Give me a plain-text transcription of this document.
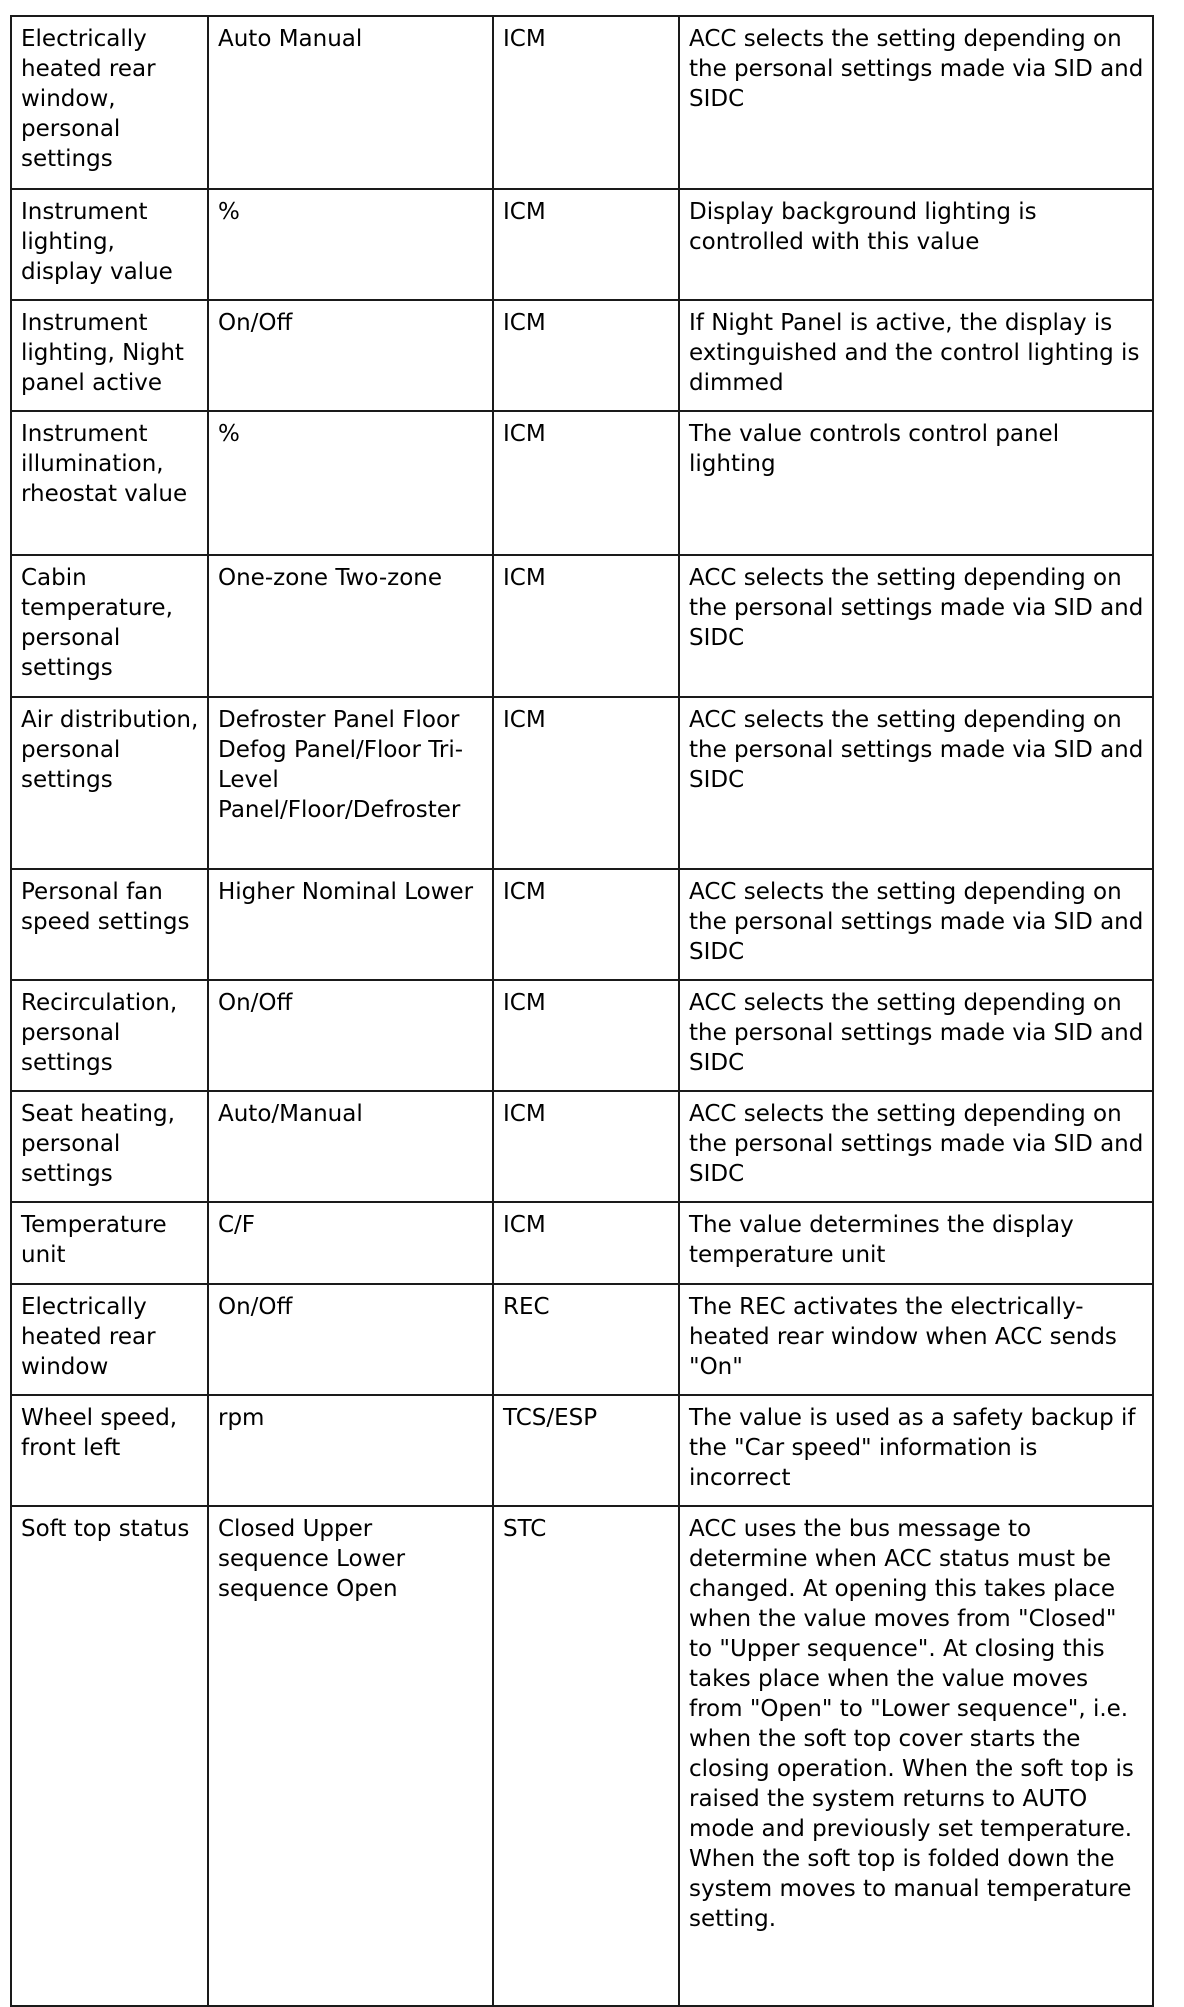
Electrically heated rear window, personal settings	Auto Manual	ICM	ACC selects the setting depending on the personal settings made via SID and SIDC
Instrument lighting, display value	%	ICM	Display background lighting is controlled with this value
Instrument lighting, Night panel active	On/Off	ICM	If Night Panel is active, the display is extinguished and the control lighting is dimmed
Instrument illumination, rheostat value	%	ICM	The value controls control panel lighting
Cabin temperature, personal settings	One-zone Two-zone	ICM	ACC selects the setting depending on the personal settings made via SID and SIDC
Air distribution, personal settings	Defroster Panel Floor Defog Panel/Floor Tri-Level Panel/Floor/Defroster	ICM	ACC selects the setting depending on the personal settings made via SID and SIDC
Personal fan speed settings	Higher Nominal Lower	ICM	ACC selects the setting depending on the personal settings made via SID and SIDC
Recirculation, personal settings	On/Off	ICM	ACC selects the setting depending on the personal settings made via SID and SIDC
Seat heating, personal settings	Auto/Manual	ICM	ACC selects the setting depending on the personal settings made via SID and SIDC
Temperature unit	C/F	ICM	The value determines the display temperature unit
Electrically heated rear window	On/Off	REC	The REC activates the electrically-heated rear window when ACC sends "On"
Wheel speed, front left	rpm	TCS/ESP	The value is used as a safety backup if the "Car speed" information is incorrect
Soft top status	Closed Upper sequence Lower sequence Open	STC	ACC uses the bus message to determine when ACC status must be changed. At opening this takes place when the value moves from "Closed" to "Upper sequence". At closing this takes place when the value moves from "Open" to "Lower sequence", i.e. when the soft top cover starts the closing operation. When the soft top is raised the system returns to AUTO mode and previously set temperature. When the soft top is folded down the system moves to manual temperature setting.
